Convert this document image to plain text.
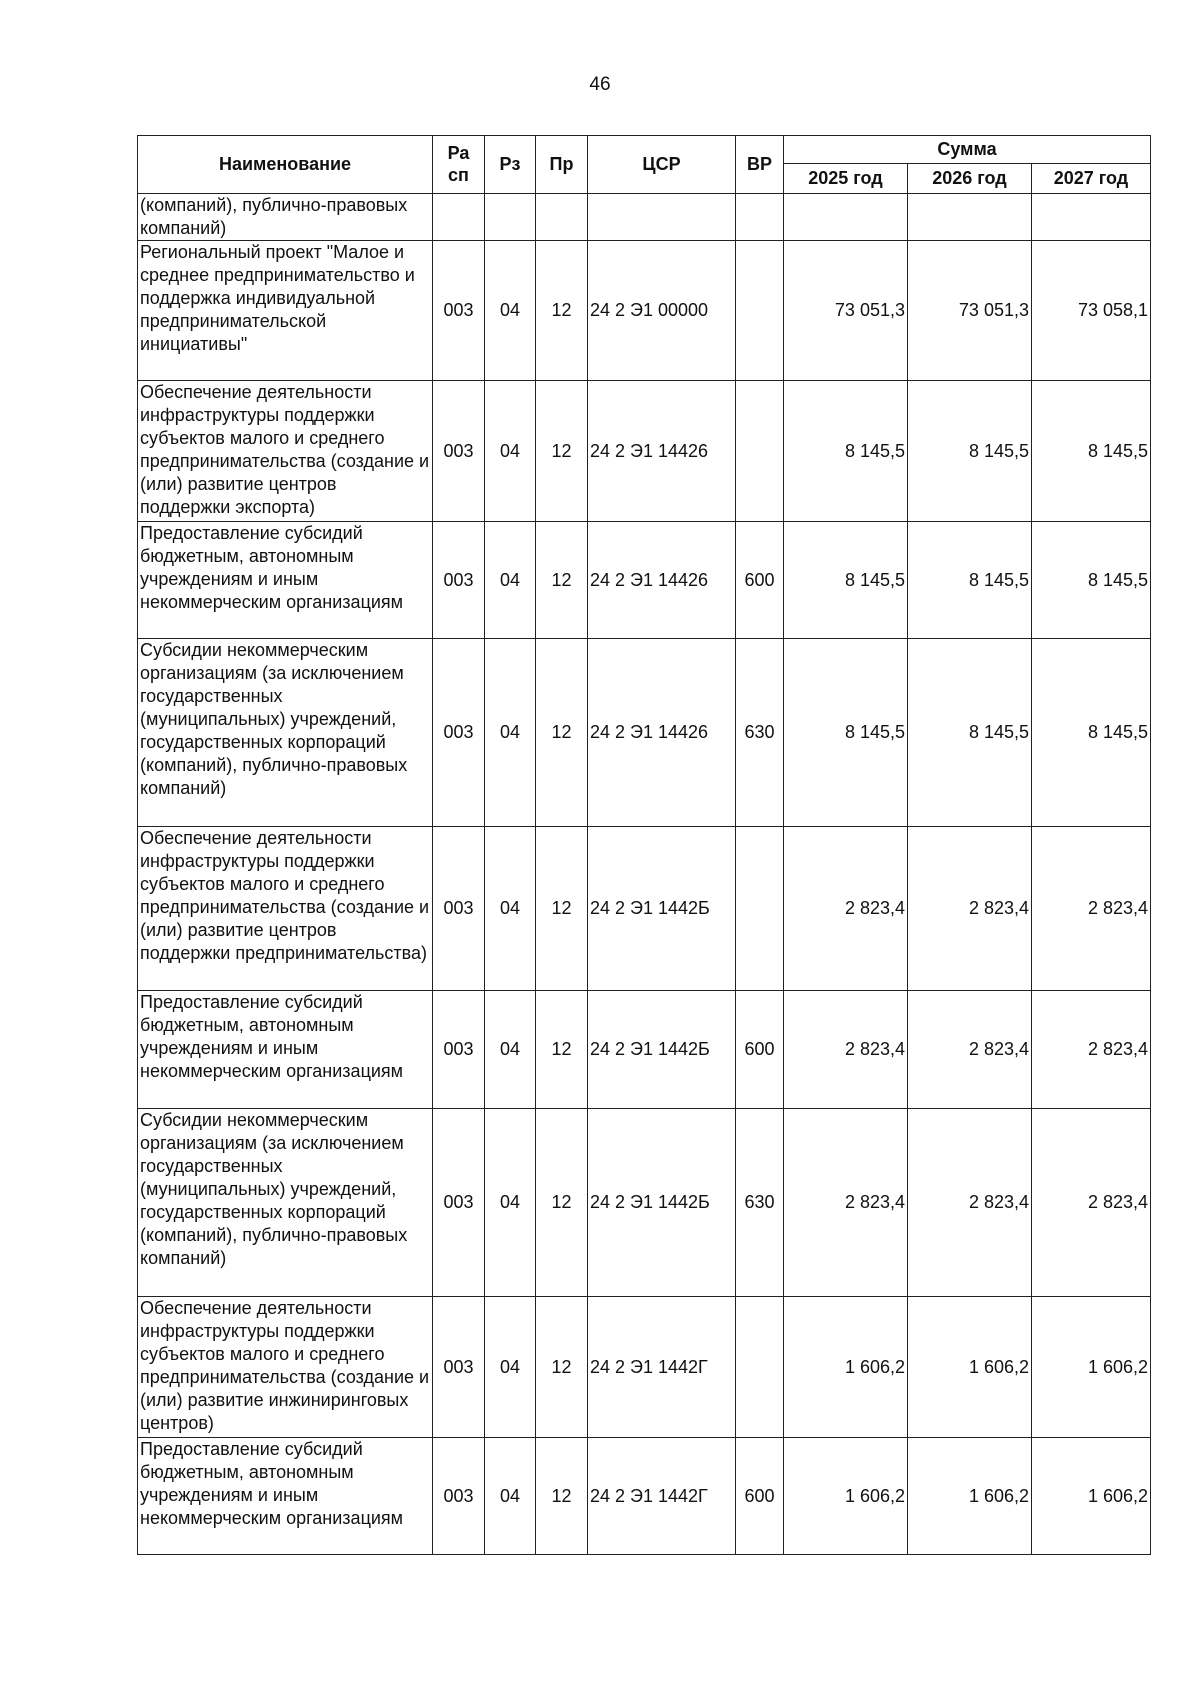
46
Наименование	Ра сп	Рз	Пр	ЦСР	ВР	Сумма		
						2025 год	2026 год	2027 год
(компаний), публично-правовых компаний)								
Региональный проект "Малое и среднее предпринимательство и поддержка индивидуальной предпринимательской инициативы"	003	04	12	24 2 Э1 00000		73 051,3	73 051,3	73 058,1
Обеспечение деятельности инфраструктуры поддержки субъектов малого и среднего предпринимательства (создание и (или) развитие центров поддержки экспорта)	003	04	12	24 2 Э1 14426		8 145,5	8 145,5	8 145,5
Предоставление субсидий бюджетным, автономным учреждениям и иным некоммерческим организациям	003	04	12	24 2 Э1 14426	600	8 145,5	8 145,5	8 145,5
Субсидии некоммерческим организациям (за исключением государственных (муниципальных) учреждений, государственных корпораций (компаний), публично-правовых компаний)	003	04	12	24 2 Э1 14426	630	8 145,5	8 145,5	8 145,5
Обеспечение деятельности инфраструктуры поддержки субъектов малого и среднего предпринимательства (создание и (или) развитие центров поддержки предпринимательства)	003	04	12	24 2 Э1 1442Б		2 823,4	2 823,4	2 823,4
Предоставление субсидий бюджетным, автономным учреждениям и иным некоммерческим организациям	003	04	12	24 2 Э1 1442Б	600	2 823,4	2 823,4	2 823,4
Субсидии некоммерческим организациям (за исключением государственных (муниципальных) учреждений, государственных корпораций (компаний), публично-правовых компаний)	003	04	12	24 2 Э1 1442Б	630	2 823,4	2 823,4	2 823,4
Обеспечение деятельности инфраструктуры поддержки субъектов малого и среднего предпринимательства (создание и (или) развитие инжиниринговых центров)	003	04	12	24 2 Э1 1442Г		1 606,2	1 606,2	1 606,2
Предоставление субсидий бюджетным, автономным учреждениям и иным некоммерческим организациям	003	04	12	24 2 Э1 1442Г	600	1 606,2	1 606,2	1 606,2
